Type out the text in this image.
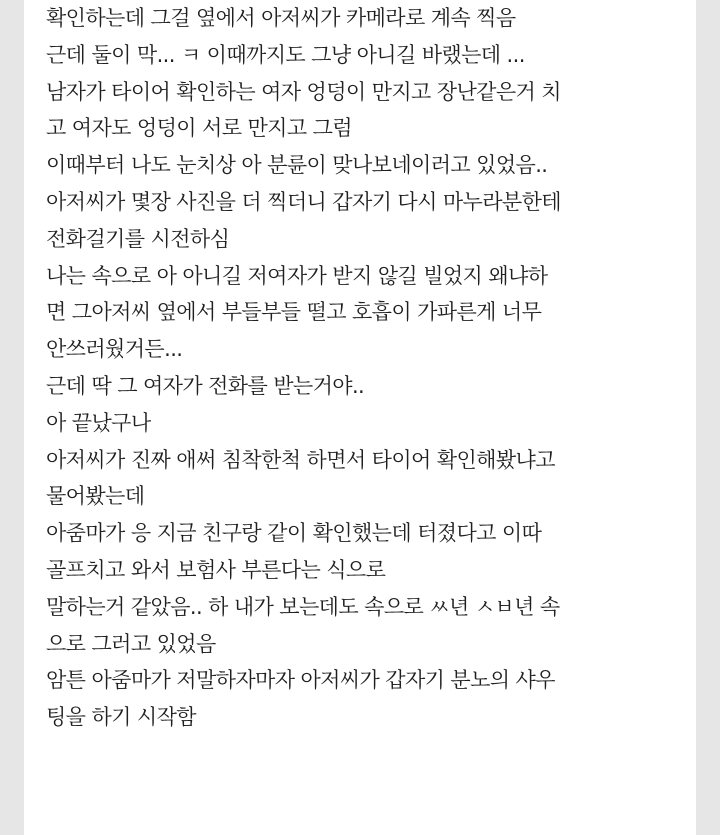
확인하는데 그걸 옆에서 아저씨가 카메라로 계속 찍음
근데 둘이 막... ㅋ 이때까지도 그냥 아니길 바랬는데 ...
남자가 타이어 확인하는 여자 엉덩이 만지고 장난같은거 치
고 여자도 엉덩이 서로 만지고 그럼
이때부터 나도 눈치상 아 분륜이 맞나보네이러고 있었음..
아저씨가 몇장 사진을 더 찍더니 갑자기 다시 마누라분한테
전화걸기를 시전하심
나는 속으로 아 아니길 저여자가 받지 않길 빌었지 왜냐하
면 그아저씨 옆에서 부들부들 떨고 호흡이 가파른게 너무
안쓰러웠거든...
근데 딱 그 여자가 전화를 받는거야..
아 끝났구나
아저씨가 진짜 애써 침착한척 하면서 타이어 확인해봤냐고
물어봤는데
아줌마가 응 지금 친구랑 같이 확인했는데 터졌다고 이따
골프치고 와서 보험사 부른다는 식으로
말하는거 같았음.. 하 내가 보는데도 속으로 ㅆ년 ㅅㅂ년 속
으로 그러고 있었음
암튼 아줌마가 저말하자마자 아저씨가 갑자기 분노의 샤우
팅을 하기 시작함
